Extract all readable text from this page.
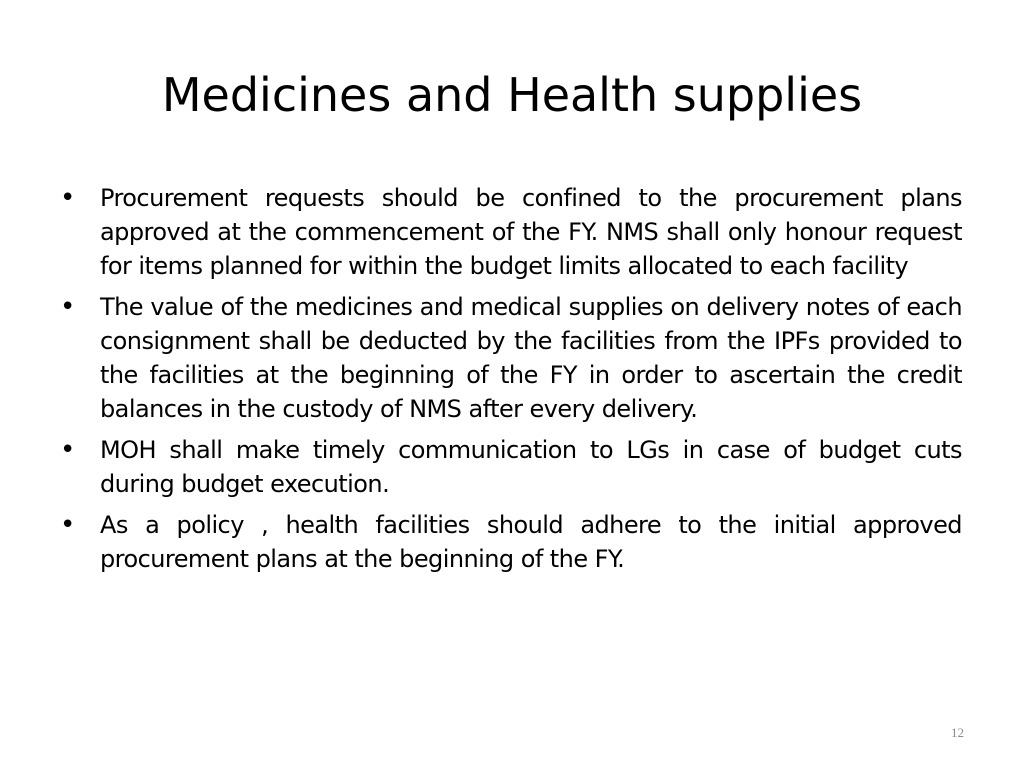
Medicines and Health supplies
• Procurement requests should be confined to the procurement plans approved at the commencement of the FY. NMS shall only honour request for items planned for within the budget limits allocated to each facility
• The value of the medicines and medical supplies on delivery notes of each consignment shall be deducted by the facilities from the IPFs provided to the facilities at the beginning of the FY in order to ascertain the credit balances in the custody of NMS after every delivery.
• MOH shall make timely communication to LGs in case of budget cuts during budget execution.
• As a policy , health facilities should adhere to the initial approved procurement plans at the beginning of the FY.
12
